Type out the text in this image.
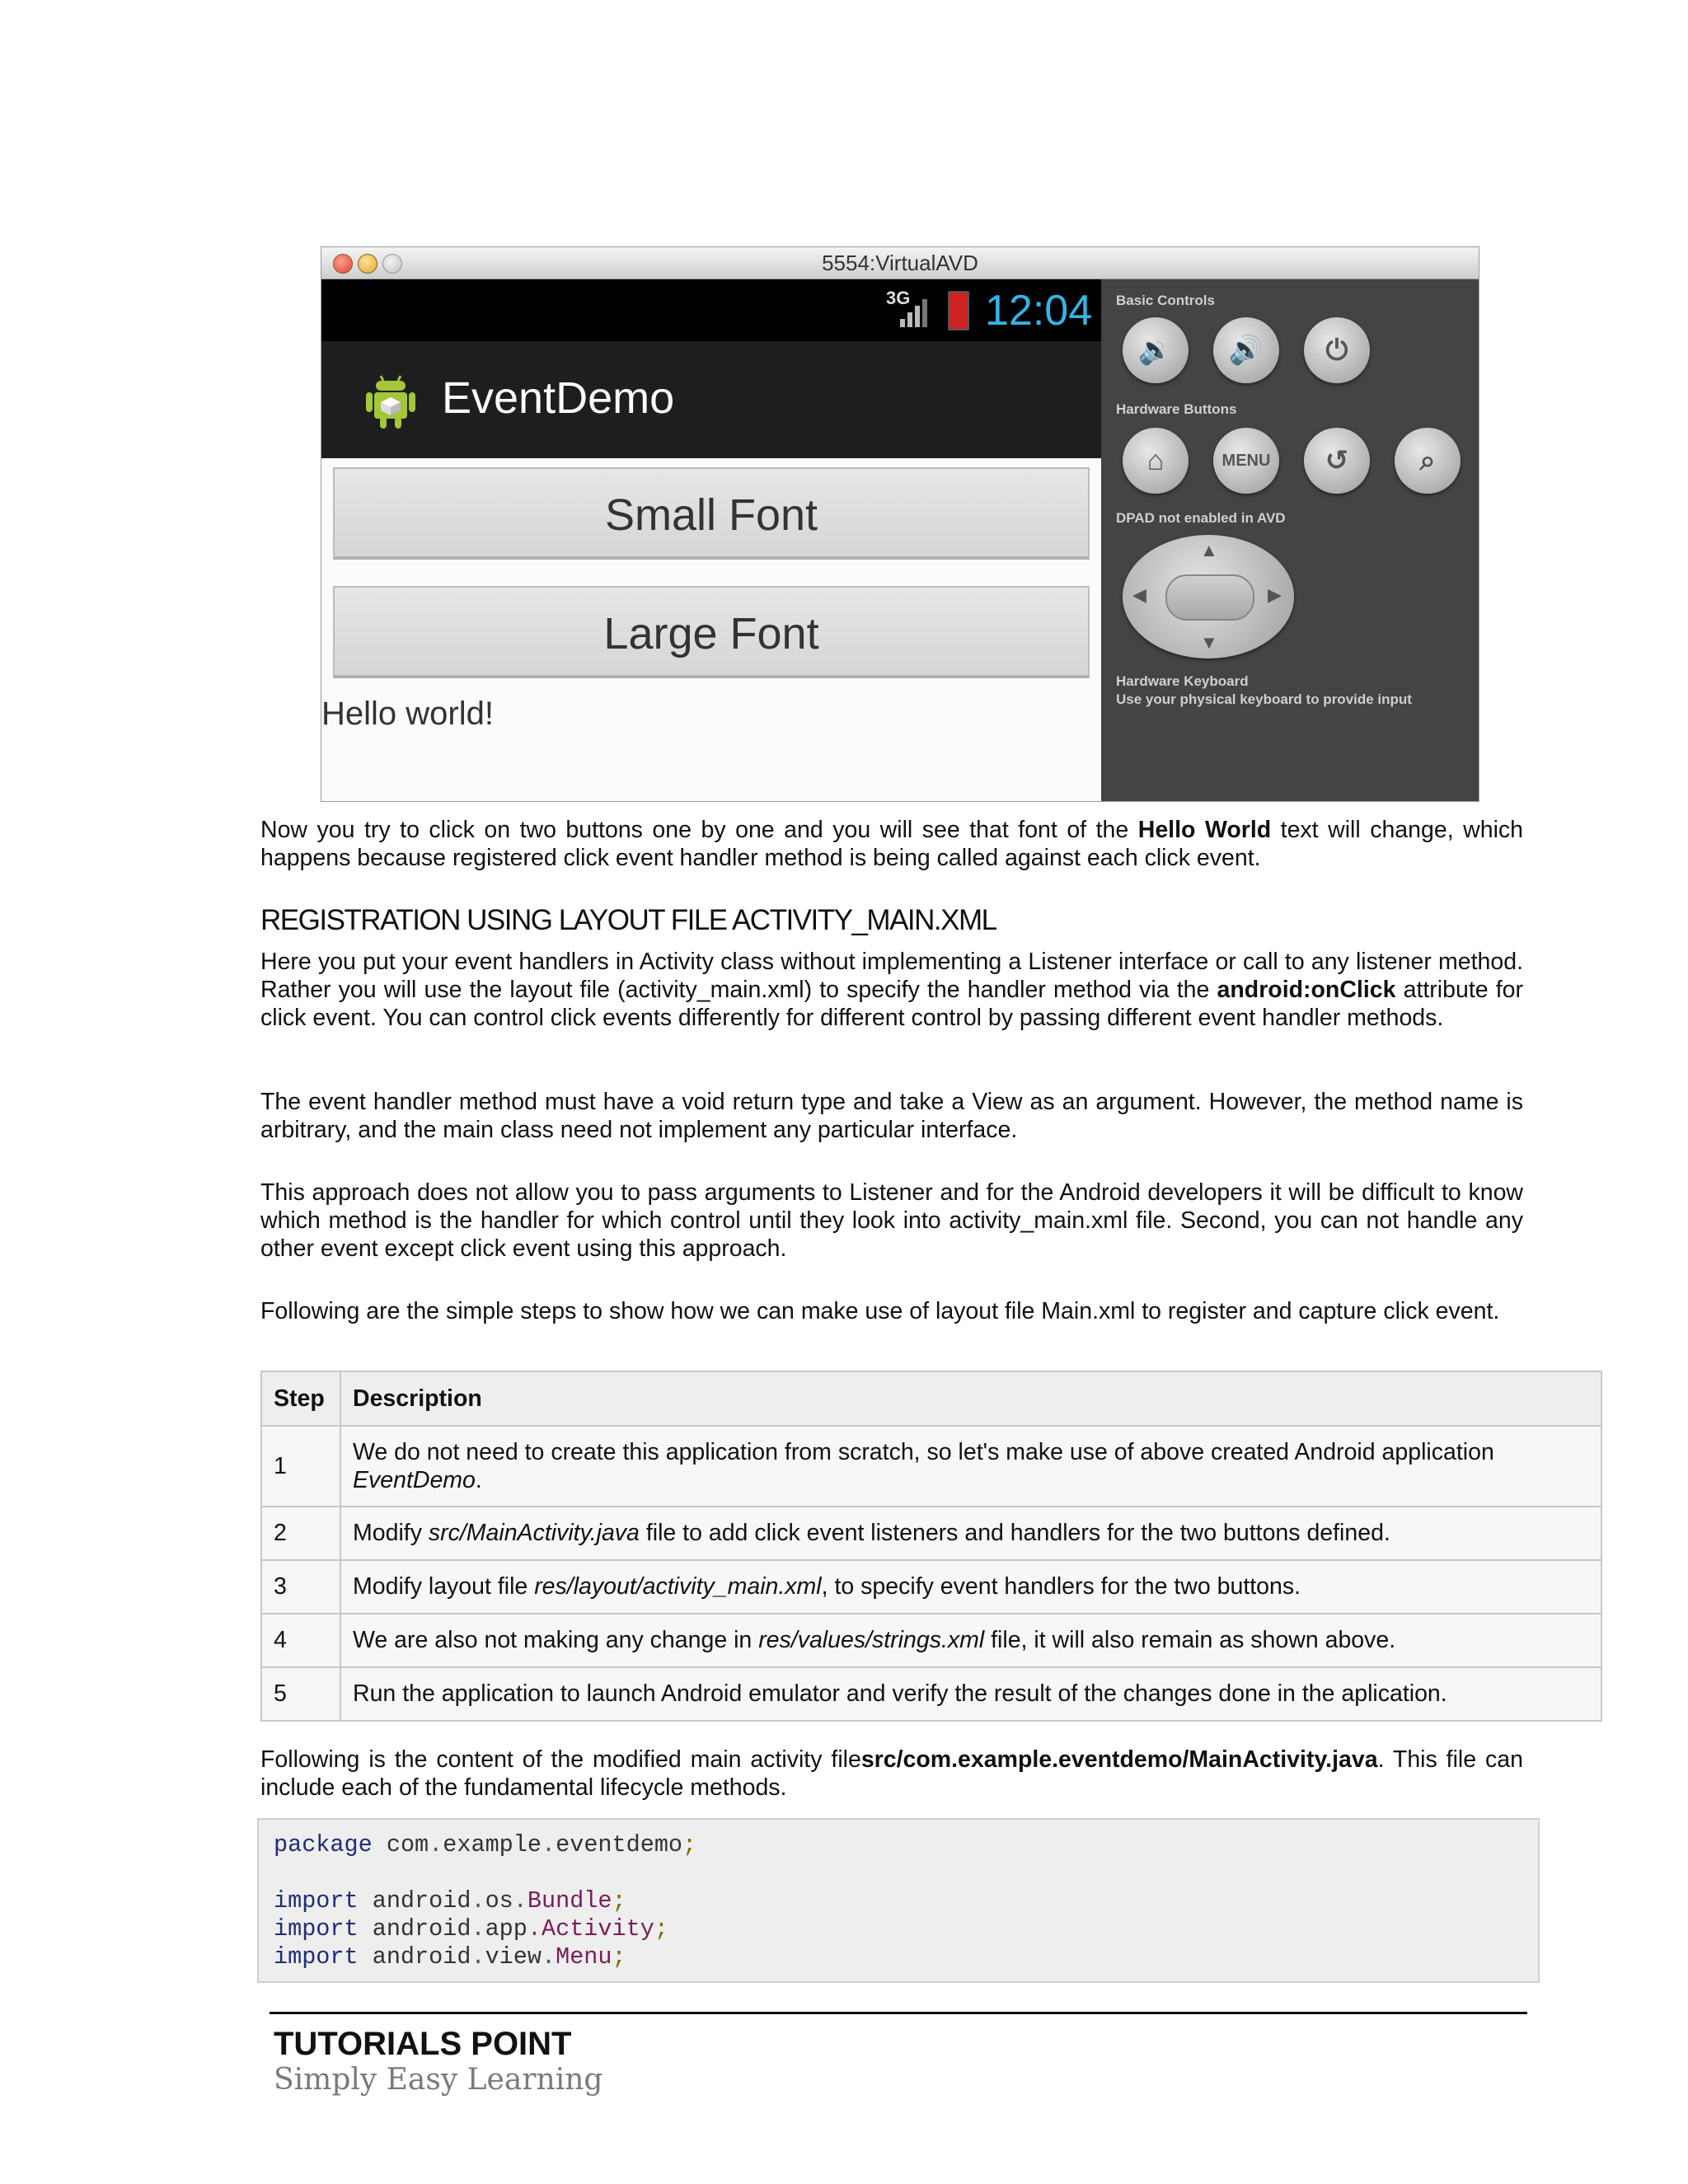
5554:VirtualAVD
3G 12:04
EventDemo
Small Font
Large Font
Hello world!
Basic Controls
🔉	🔊	⏻
Hardware Buttons
⌂	MENU	↺	⌕
DPAD not enabled in AVD
▲
▼
◀	▶
Hardware Keyboard
Use your physical keyboard to provide input
Now you try to click on two buttons one by one and you will see that font of the Hello World text will change, which happens because registered click event handler method is being called against each click event.
REGISTRATION USING LAYOUT FILE ACTIVITY_MAIN.XML
Here you put your event handlers in Activity class without implementing a Listener interface or call to any listener method. Rather you will use the layout file (activity_main.xml) to specify the handler method via the android:onClick attribute for click event. You can control click events differently for different control by passing different event handler methods.
The event handler method must have a void return type and take a View as an argument. However, the method name is arbitrary, and the main class need not implement any particular interface.
This approach does not allow you to pass arguments to Listener and for the Android developers it will be difficult to know which method is the handler for which control until they look into activity_main.xml file. Second, you can not handle any other event except click event using this approach.
Following are the simple steps to show how we can make use of layout file Main.xml to register and capture click event.
Step	Description
1	We do not need to create this application from scratch, so let's make use of above created Android application EventDemo.
2	Modify src/MainActivity.java file to add click event listeners and handlers for the two buttons defined.
3	Modify layout file res/layout/activity_main.xml, to specify event handlers for the two buttons.
4	We are also not making any change in res/values/strings.xml file, it will also remain as shown above.
5	Run the application to launch Android emulator and verify the result of the changes done in the aplication.
Following is the content of the modified main activity filesrc/com.example.eventdemo/MainActivity.java. This file can include each of the fundamental lifecycle methods.
package com.example.eventdemo;

import android.os.Bundle;
import android.app.Activity;
import android.view.Menu;
TUTORIALS POINT
Simply Easy Learning
